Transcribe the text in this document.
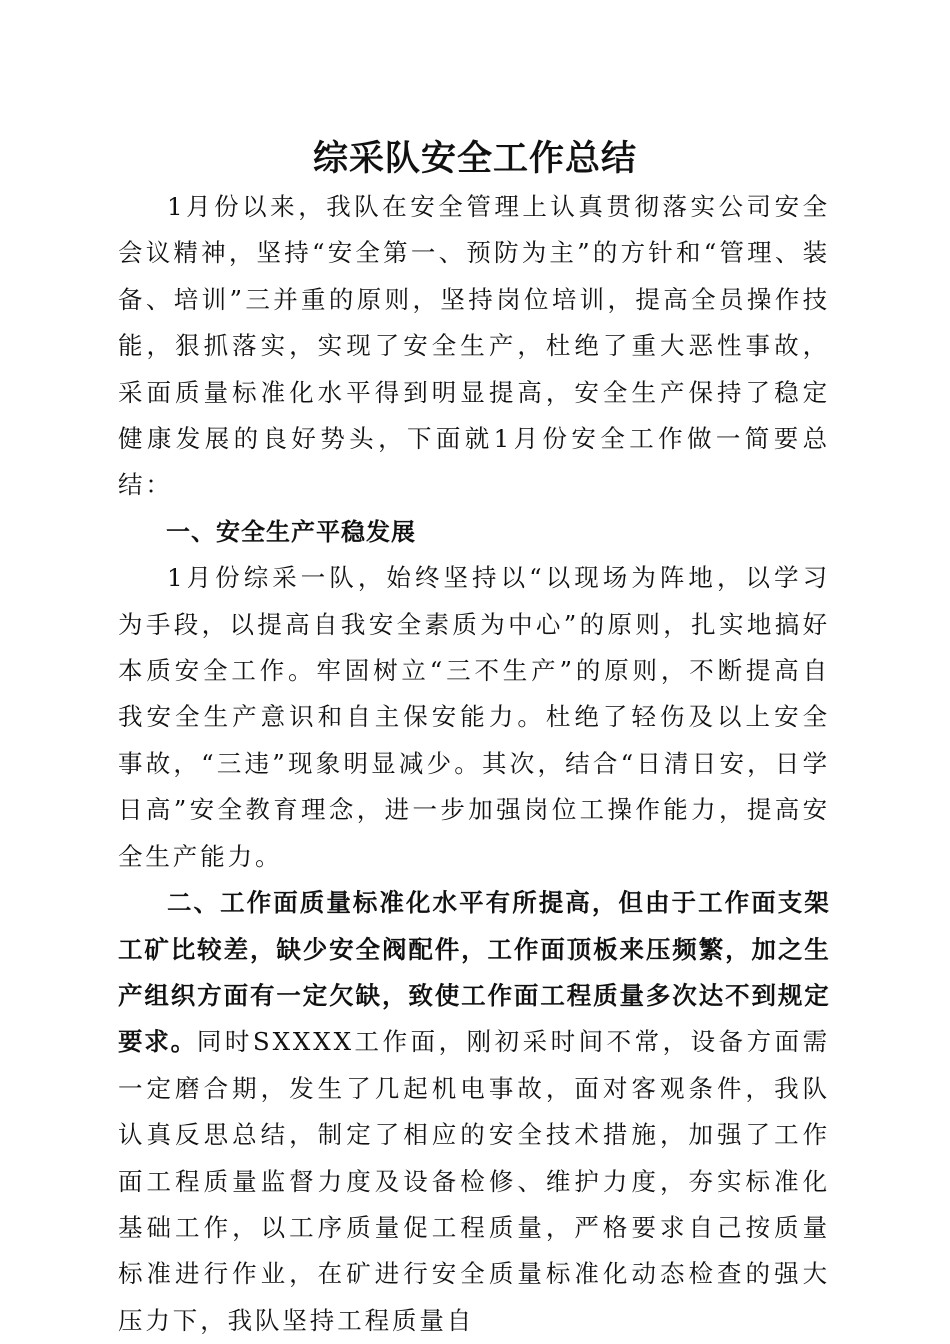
综采队安全工作总结

1月份以来，我队在安全管理上认真贯彻落实公司安全会议精神，坚持“安全第一、预防为主”的方针和“管理、装备、培训”三并重的原则，坚持岗位培训，提高全员操作技能，狠抓落实，实现了安全生产，杜绝了重大恶性事故，采面质量标准化水平得到明显提高，安全生产保持了稳定健康发展的良好势头，下面就1月份安全工作做一简要总结：

一、安全生产平稳发展

1月份综采一队，始终坚持以“以现场为阵地，以学习为手段，以提高自我安全素质为中心”的原则，扎实地搞好本质安全工作。牢固树立“三不生产”的原则，不断提高自我安全生产意识和自主保安能力。杜绝了轻伤及以上安全事故，“三违”现象明显减少。其次，结合“日清日安，日学日高”安全教育理念，进一步加强岗位工操作能力，提高安全生产能力。

二、工作面质量标准化水平有所提高，但由于工作面支架工矿比较差，缺少安全阀配件，工作面顶板来压频繁，加之生产组织方面有一定欠缺，致使工作面工程质量多次达不到规定要求。同时SXXXX工作面，刚初采时间不常，设备方面需一定磨合期，发生了几起机电事故，面对客观条件，我队认真反思总结，制定了相应的安全技术措施，加强了工作面工程质量监督力度及设备检修、维护力度，夯实标准化基础工作，以工序质量促工程质量，严格要求自己按质量标准进行作业，在矿进行安全质量标准化动态检查的强大压力下，我队坚持工程质量自
